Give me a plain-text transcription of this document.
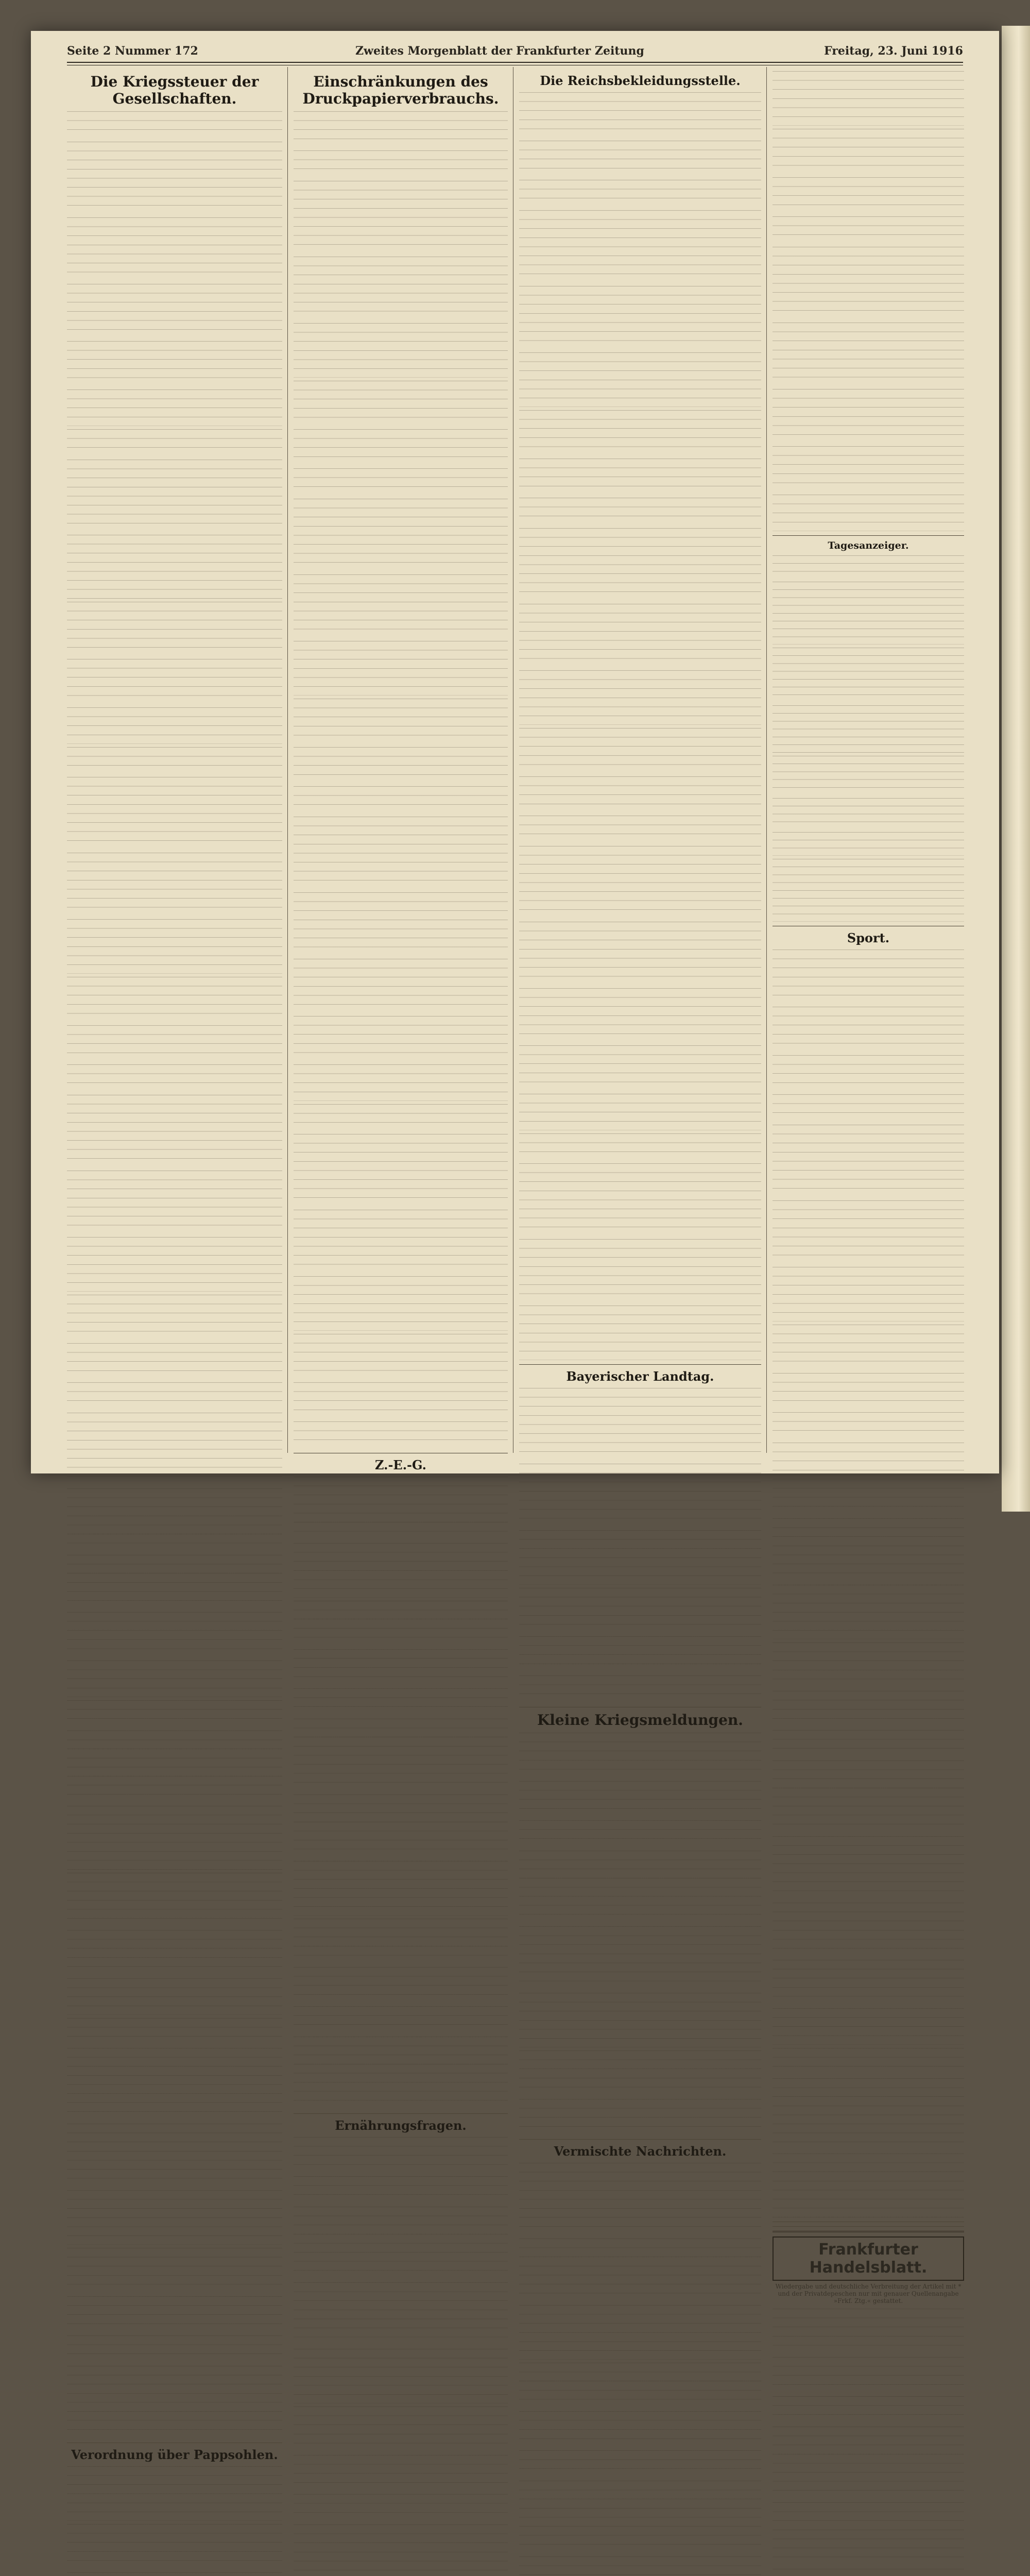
Seite 2 Nummer 172	Zweites Morgenblatt der Frankfurter Zeitung	Freitag, 23. Juni 1916
Die Kriegssteuer der Gesellschaften.
Verordnung über Pappsohlen.
Einschränkungen des Druckpapierverbrauchs.
Z.-E.-G.
Ernährungsfragen.
Die Reichsbekleidungsstelle.
Bayerischer Landtag.
Kleine Kriegsmeldungen.
Vermischte Nachrichten.
Tagesanzeiger.
Sport.
Frankfurter Handelsblatt.
Wiedergabe und deutschliche Verbreitung der Artikel mit * und der Privatdepeschen nur mit genauer Quellenangabe »Frkf. Ztg.« gestattet.
